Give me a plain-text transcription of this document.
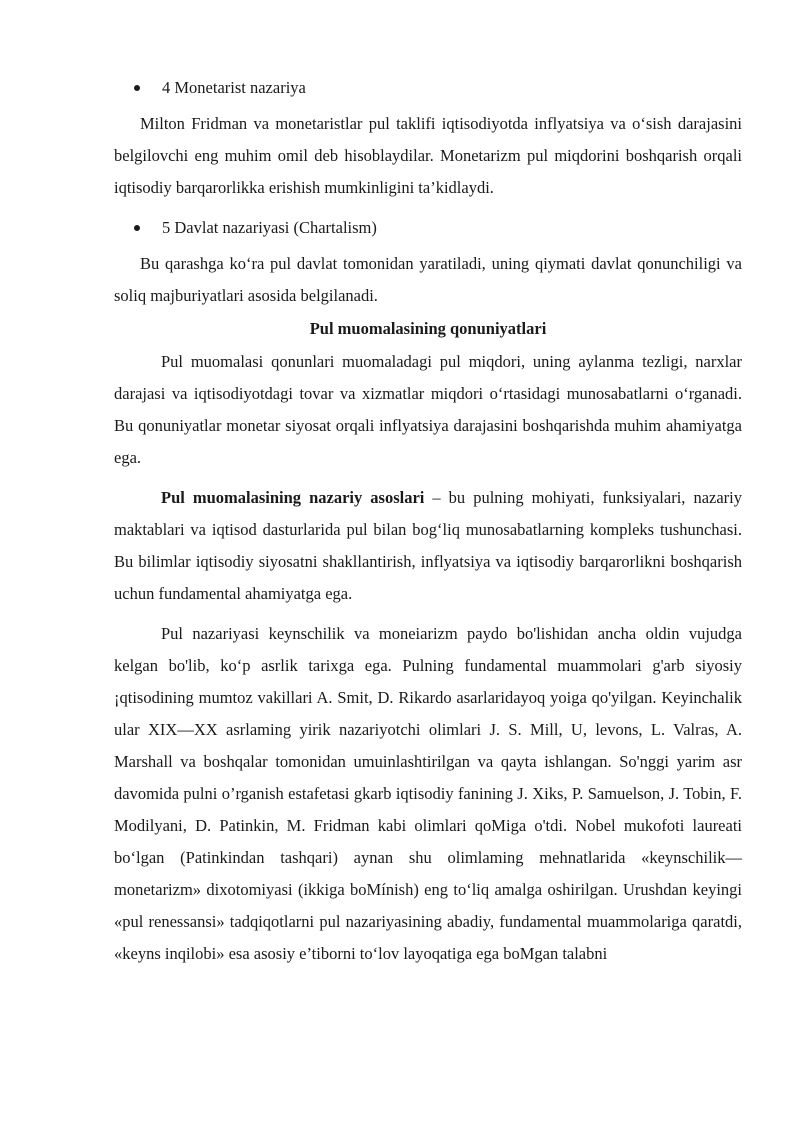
4 Monetarist nazariya

Milton Fridman va monetaristlar pul taklifi iqtisodiyotda inflyatsiya va o‘sish darajasini belgilovchi eng muhim omil deb hisoblaydilar. Monetarizm pul miqdorini boshqarish orqali iqtisodiy barqarorlikka erishish mumkinligini ta’kidlaydi.

5 Davlat nazariyasi (Chartalism)

Bu qarashga ko‘ra pul davlat tomonidan yaratiladi, uning qiymati davlat qonunchiligi va soliq majburiyatlari asosida belgilanadi.

Pul muomalasining qonuniyatlari

Pul muomalasi qonunlari muomaladagi pul miqdori, uning aylanma tezligi, narxlar darajasi va iqtisodiyotdagi tovar va xizmatlar miqdori o‘rtasidagi munosabatlarni o‘rganadi. Bu qonuniyatlar monetar siyosat orqali inflyatsiya darajasini boshqarishda muhim ahamiyatga ega.

Pul muomalasining nazariy asoslari – bu pulning mohiyati, funksiyalari, nazariy maktablari va iqtisod dasturlarida pul bilan bog‘liq munosabatlarning kompleks tushunchasi. Bu bilimlar iqtisodiy siyosatni shakllantirish, inflyatsiya va iqtisodiy barqarorlikni boshqarish uchun fundamental ahamiyatga ega.

Pul nazariyasi keynschilik va moneiarizm paydo bo'lishidan ancha oldin vujudga kelgan bo'lib, ko‘p asrlik tarixga ega. Pulning fundamental muammolari g'arb siyosiy ¡qtisodining mumtoz vakillari A. Smit, D. Rikardo asarlaridayoq yoiga qo'yilgan. Keyinchalik ular XIX—XX asrlaming yirik nazariyotchi olimlari J. S. Mill, U, levons, L. Valras, A. Marshall va boshqalar tomonidan umuinlashtirilgan va qayta ishlangan. So'nggi yarim asr davomida pulni o’rganish estafetasi gkarb iqtisodiy fanining J. Xiks, P. Samuelson, J. Tobin, F. Modilyani, D. Patinkin, M. Fridman kabi olimlari qoMiga o'tdi. Nobel mukofoti laureati bo‘lgan (Patinkindan tashqari) aynan shu olimlaming mehnatlarida «keynschilik— monetarizm» dixotomiyasi (ikkiga boMínish) eng to‘liq amalga oshirilgan. Urushdan keyingi «pul renessansi» tadqiqotlarni pul nazariyasining abadiy, fundamental muammolariga qaratdi, «keyns inqilobi» esa asosiy e’tiborni to‘lov layoqatiga ega boMgan talabni
